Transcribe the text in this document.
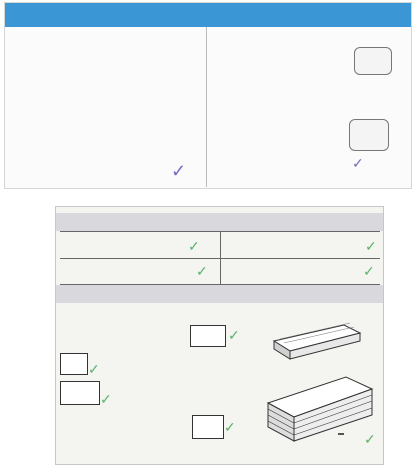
✓	✓
✓	✓
✓	✓
✓
✓
✓
✓
✓
